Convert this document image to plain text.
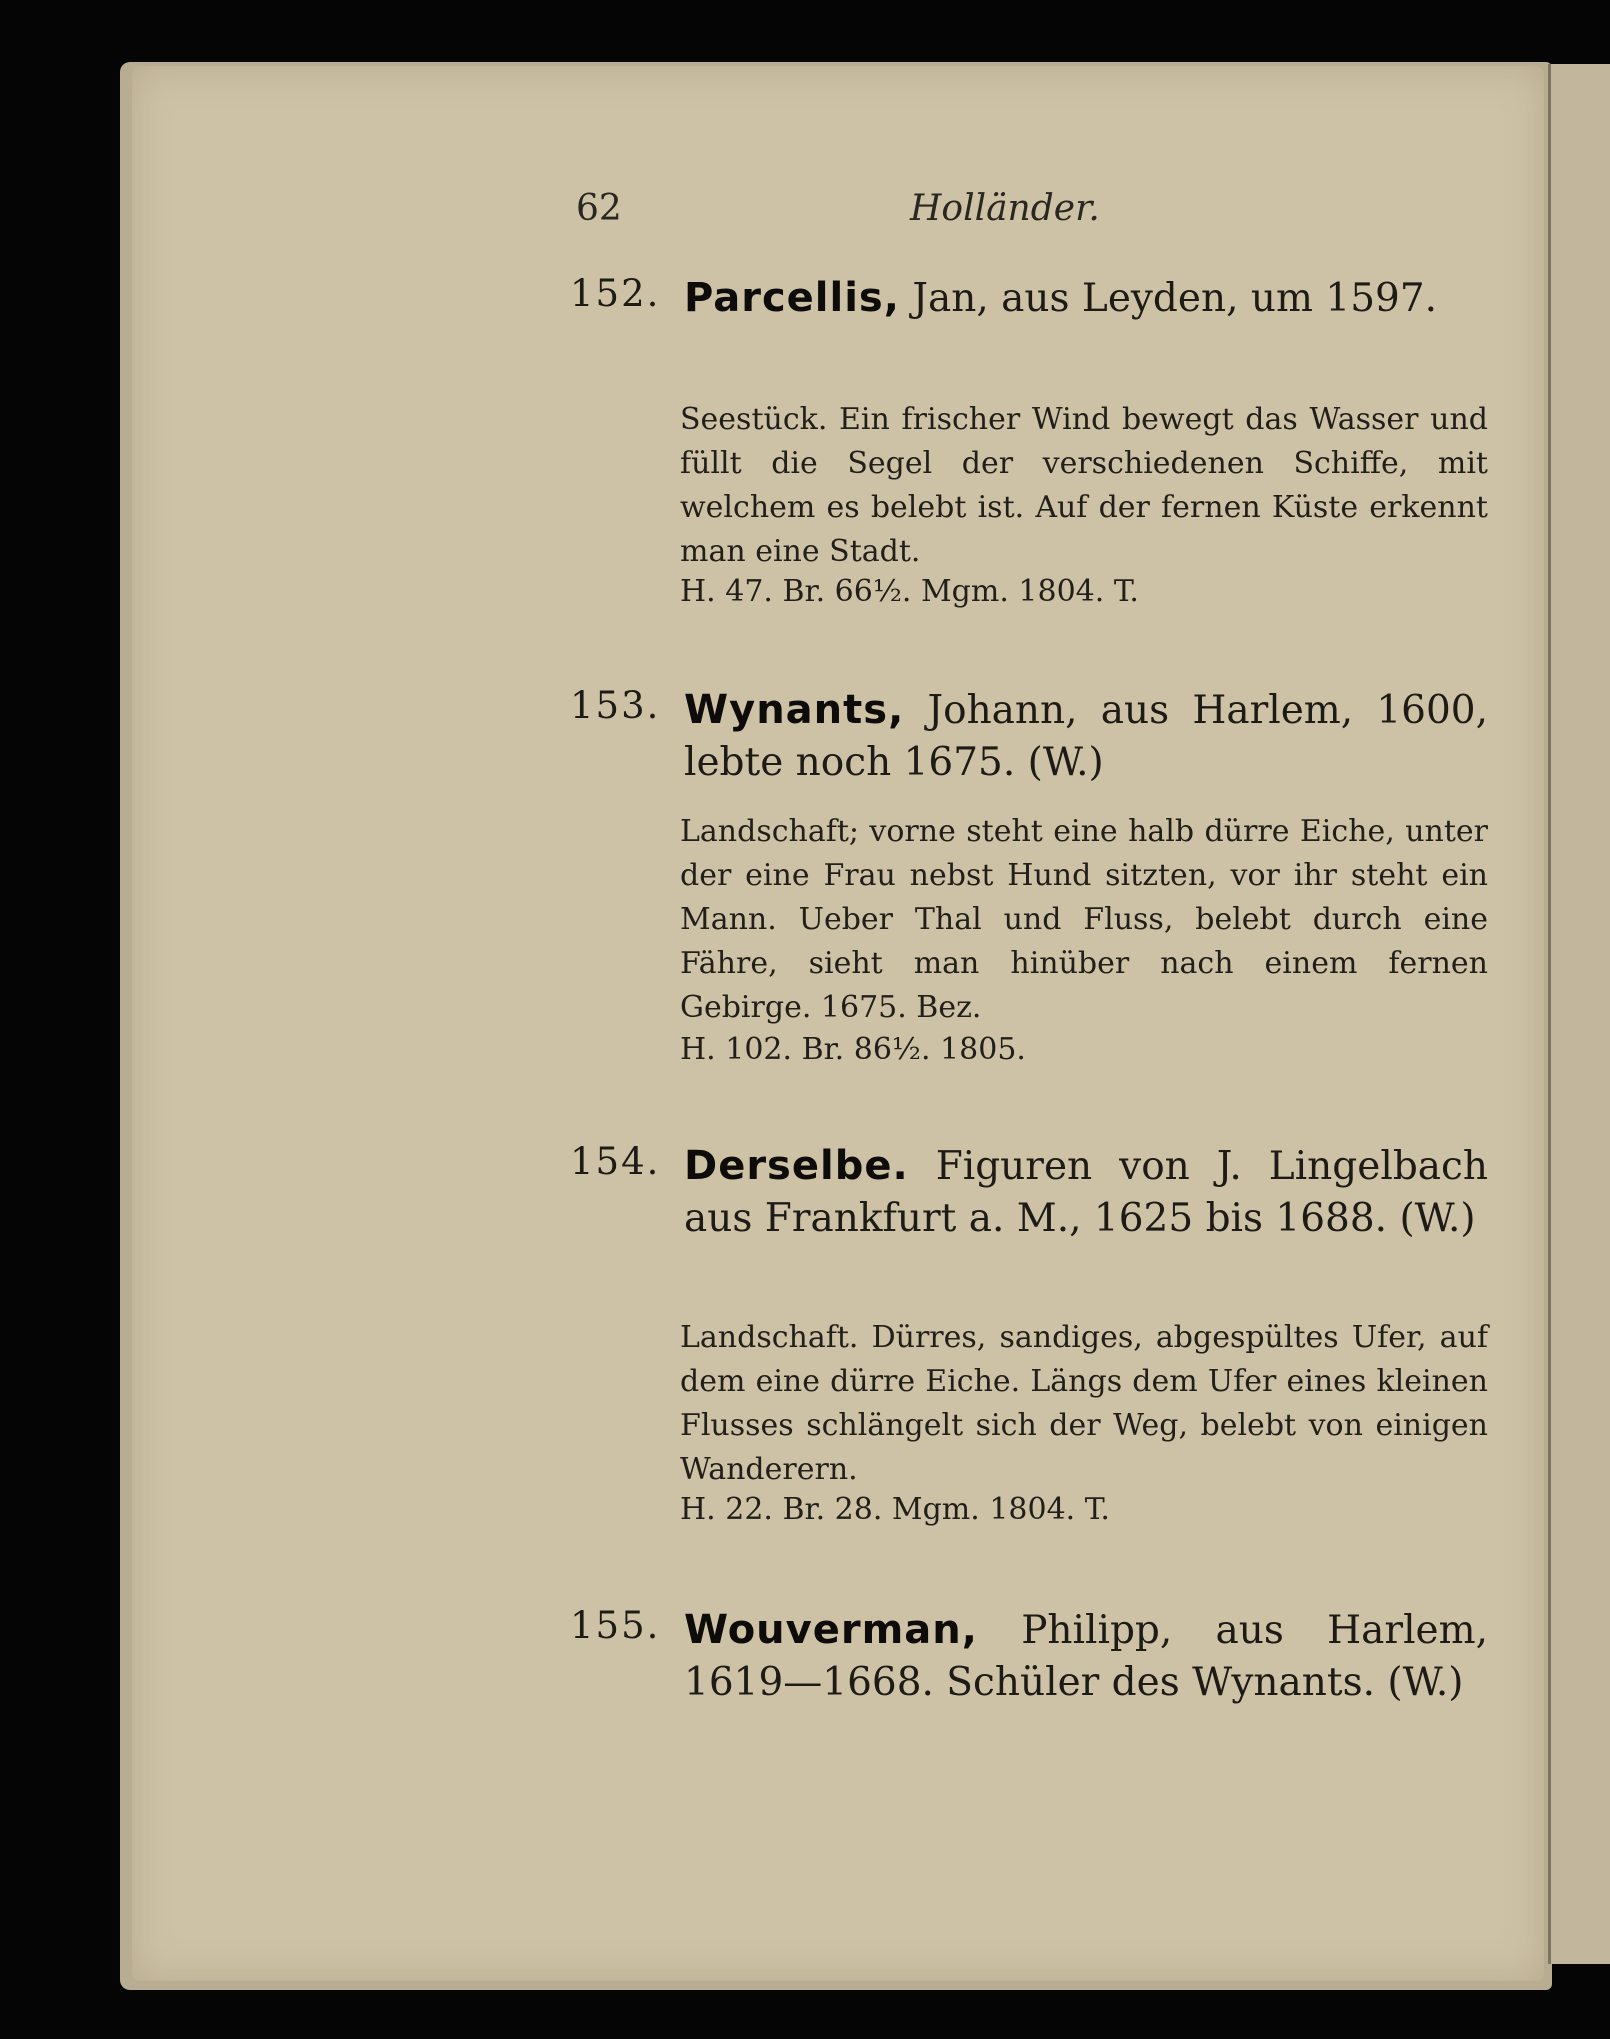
62	Holländer.
152. Parcellis, Jan, aus Leyden, um 1597.
Seestück. Ein frischer Wind bewegt das Wasser und füllt die Segel der verschiedenen Schiffe, mit welchem es belebt ist. Auf der fernen Küste erkennt man eine Stadt.
H. 47. Br. 66½. Mgm. 1804. T.
153. Wynants, Johann, aus Harlem, 1600, lebte noch 1675. (W.)
Landschaft; vorne steht eine halb dürre Eiche, unter der eine Frau nebst Hund sitzten, vor ihr steht ein Mann. Ueber Thal und Fluss, belebt durch eine Fähre, sieht man hinüber nach einem fernen Gebirge. 1675. Bez.
H. 102. Br. 86½. 1805.
154. Derselbe. Figuren von J. Lingelbach aus Frankfurt a. M., 1625 bis 1688. (W.)
Landschaft. Dürres, sandiges, abgespültes Ufer, auf dem eine dürre Eiche. Längs dem Ufer eines kleinen Flusses schlängelt sich der Weg, belebt von einigen Wanderern.
H. 22. Br. 28. Mgm. 1804. T.
155. Wouverman, Philipp, aus Harlem, 1619—1668. Schüler des Wynants. (W.)
